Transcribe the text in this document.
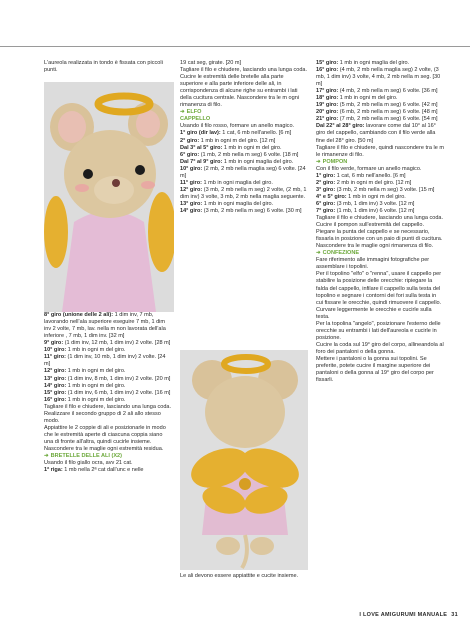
L'aureola realizzata in tondo è fissata con piccoli punti.

8° giro (unione delle 2 ali): 1 dim inv, 7 mb, lavorando nell'ala superiore eseguire 7 mb, 1 dim inv 2 volte, 7 mb, lav. nella m non lavorata dell'ala inferiore , 7 mb, 1 dim inv. [32 m]

9° giro: (1 dim inv, 12 mb, 1 dim inv) 2 volte. [28 m]

10° giro: 1 mb in ogni m del giro.

11° giro: (1 dim inv, 10 mb, 1 dim inv) 2 volte. [24 m]

12° giro: 1 mb in ogni m del giro.

13° giro: (1 dim inv, 8 mb, 1 dim inv) 2 volte. [20 m]

14° giro: 1 mb in ogni m del giro.

15° giro: (1 dim inv, 6 mb, 1 dim inv) 2 volte. [16 m]

16° giro: 1 mb in ogni m del giro.

Tagliare il filo e chiudere, lasciando una lunga coda.

Realizzare il secondo gruppo di 2 ali allo stesso modo.

Appiattire le 2 coppie di ali e posizionarle in modo che le estremità aperte di ciascuna coppia siano una di fronte all'altra, quindi cucirle insieme. Nascondere tra le maglie ogni estremità residua.

➜ BRETELLE DELLE ALI (X2)

Usando il filo giallo ocra, avv 21 cat.

1ª riga: 1 mb nella 2ª cat dall'unc e nelle

19 cat seg, girate. [20 m]

Tagliare il filo e chiudere, lasciando una lunga coda.

Cucire le estremità delle bretelle alla parte superiore e alla parte inferiore delle ali, in corrispondenza di alcune righe su entrambi i lati della cucitura centrale. Nascondere tra le m ogni rimanenza di filo.

➜ ELFO

CAPPELLO

Usando il filo rosso, formare un anello magico.

1° giro (dir lav): 1 cat, 6 mb nell'anello. [6 m]

2° giro: 1 mb in ogni m del giro. [12 m]

Dal 3° al 5° giro: 1 mb in ogni m del giro.

6° giro: (1 mb, 2 mb nella m seg) 6 volte. [18 m]

Dal 7° al 9° giro: 1 mb in ogni maglia del giro.

10° giro: (2 mb, 2 mb nella maglia seg) 6 volte. [24 m]

11° giro: 1 mb in ogni maglia del giro.

12° giro: (3 mb, 2 mb nella m seg) 2 volte, (2 mb, 1 dim inv) 3 volte, 3 mb, 2 mb nella maglia seguente.

13° giro: 1 mb in ogni maglia del giro.

14° giro: (3 mb, 2 mb nella m seg) 6 volte. [30 m]

Le ali devono essere appiattite e cucite insieme.

15° giro: 1 mb in ogni maglia del giro.

16° giro: (4 mb, 2 mb nella maglia seg) 2 volte, (3 mb, 1 dim inv) 3 volte, 4 mb, 2 mb nella m seg. [30 m]

17° giro: (4 mb, 2 mb nella m seg) 6 volte. [36 m]

18° giro: 1 mb in ogni m del giro.

19° giro: (5 mb, 2 mb nella m seg) 6 volte. [42 m]

20° giro: (6 mb, 2 mb nella m seg) 6 volte. [48 m]

21° giro: (7 mb, 2 mb nella m seg) 6 volte. [54 m]

Dal 22° al 28° giro: lavorare come dal 10° al 16° giro del cappello, cambiando con il filo verde alla fine del 28° giro. [50 m]

Tagliare il filo e chiudere, quindi nascondere tra le m le rimanenze di filo.

➜ POMPON

Con il filo verde, formare un anello magico.

1° giro: 1 cat, 6 mb nell'anello. [6 m]

2° giro: 2 mb in ogni m del giro. [12 m]

3° giro: (3 mb, 2 mb nella m seg) 3 volte. [15 m]

4° e 5° giro: 1 mb in ogni m del giro.

6° giro: (3 mb, 1 dim inv) 3 volte. [12 m]

7° giro: (1 mb, 1 dim inv) 6 volte. [12 m]

Tagliare il filo e chiudere, lasciando una lunga coda.

Cucire il pompon sull'estremità del cappello. Piegare la punta del cappello e se necessario, fissarla in posizione con un paio di punti di cucitura. Nascondere tra le maglie ogni rimanenza di filo.

➜ CONFEZIONE

Fare riferimento alle immagini fotografiche per assemblare i topolini.

Per il topolino "elfo" o "renna", usare il cappello per stabilire la posizione delle orecchie: ripiegare la falda del cappello, infilare il cappello sulla testa del topolino e segnare i contorni dei fori sulla testa in cui fissare le orecchie, quindi rimuovere il cappello. Curvare leggermente le orecchie e cucirle sulla testa.

Per la topolina "angelo", posizionare l'esterno delle orecchie su entrambi i lati dell'aureola e cucirle in posizione.

Cucire la coda sul 19° giro del corpo, allineandola al foro dei pantaloni o della gonna.

Mettere i pantaloni o la gonna sui topolini. Se preferite, potete cucire il margine superiore dei pantaloni o della gonna al 19° giro del corpo per fissarli.

I LOVE AMIGURUMI MANUALE 31
